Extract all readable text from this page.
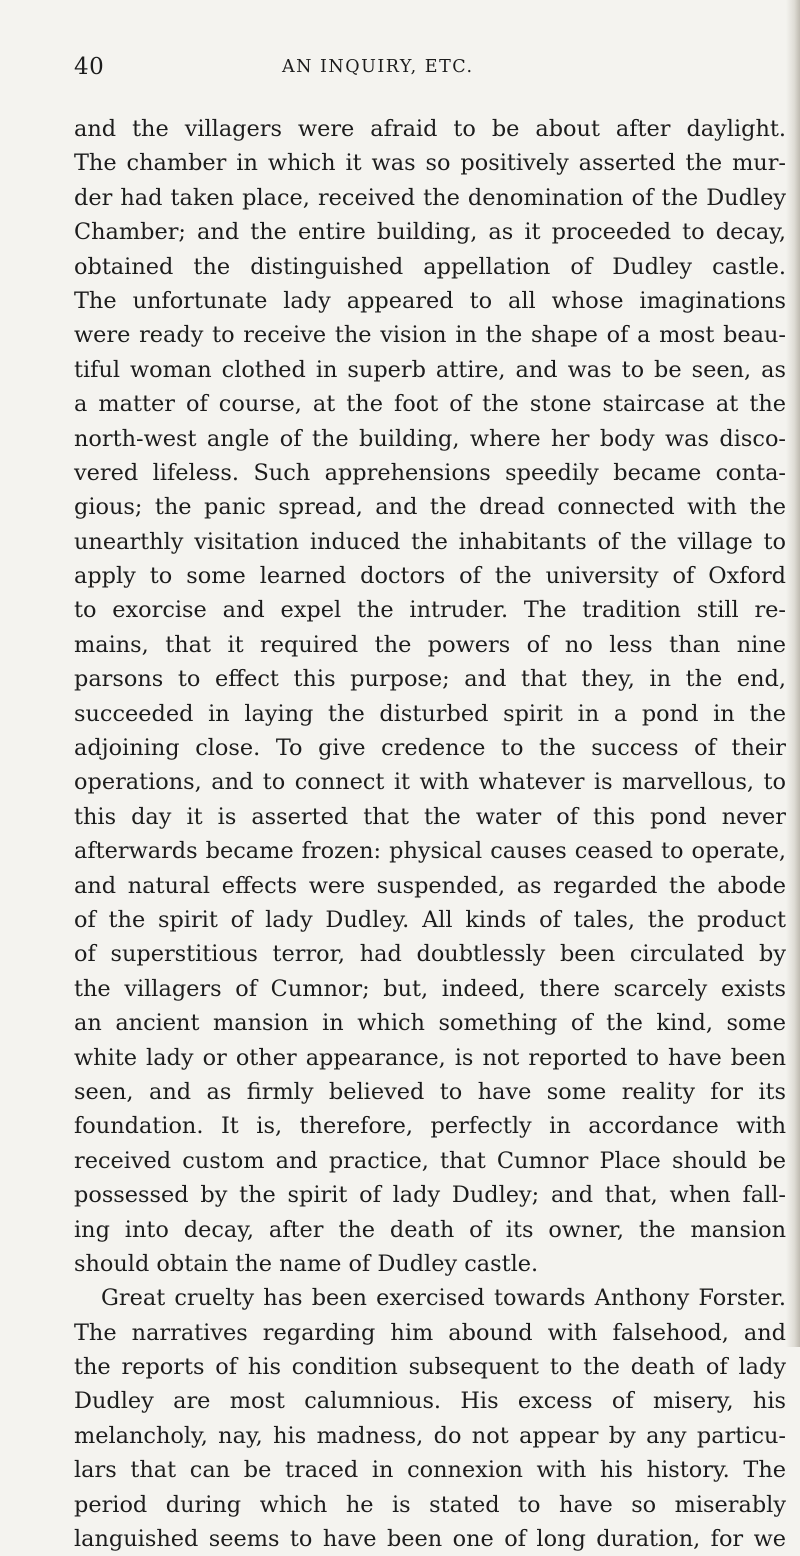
40	AN INQUIRY, ETC.
and the villagers were afraid to be about after daylight.
The chamber in which it was so positively asserted the mur-
der had taken place, received the denomination of the Dudley
Chamber; and the entire building, as it proceeded to decay,
obtained the distinguished appellation of Dudley castle.
The unfortunate lady appeared to all whose imaginations
were ready to receive the vision in the shape of a most beau-
tiful woman clothed in superb attire, and was to be seen, as
a matter of course, at the foot of the stone staircase at the
north-west angle of the building, where her body was disco-
vered lifeless. Such apprehensions speedily became conta-
gious; the panic spread, and the dread connected with the
unearthly visitation induced the inhabitants of the village to
apply to some learned doctors of the university of Oxford
to exorcise and expel the intruder. The tradition still re-
mains, that it required the powers of no less than nine
parsons to effect this purpose; and that they, in the end,
succeeded in laying the disturbed spirit in a pond in the
adjoining close. To give credence to the success of their
operations, and to connect it with whatever is marvellous, to
this day it is asserted that the water of this pond never
afterwards became frozen: physical causes ceased to operate,
and natural effects were suspended, as regarded the abode
of the spirit of lady Dudley. All kinds of tales, the product
of superstitious terror, had doubtlessly been circulated by
the villagers of Cumnor; but, indeed, there scarcely exists
an ancient mansion in which something of the kind, some
white lady or other appearance, is not reported to have been
seen, and as firmly believed to have some reality for its
foundation. It is, therefore, perfectly in accordance with
received custom and practice, that Cumnor Place should be
possessed by the spirit of lady Dudley; and that, when fall-
ing into decay, after the death of its owner, the mansion
should obtain the name of Dudley castle.
Great cruelty has been exercised towards Anthony Forster.
The narratives regarding him abound with falsehood, and
the reports of his condition subsequent to the death of lady
Dudley are most calumnious. His excess of misery, his
melancholy, nay, his madness, do not appear by any particu-
lars that can be traced in connexion with his history. The
period during which he is stated to have so miserably
languished seems to have been one of long duration, for we
